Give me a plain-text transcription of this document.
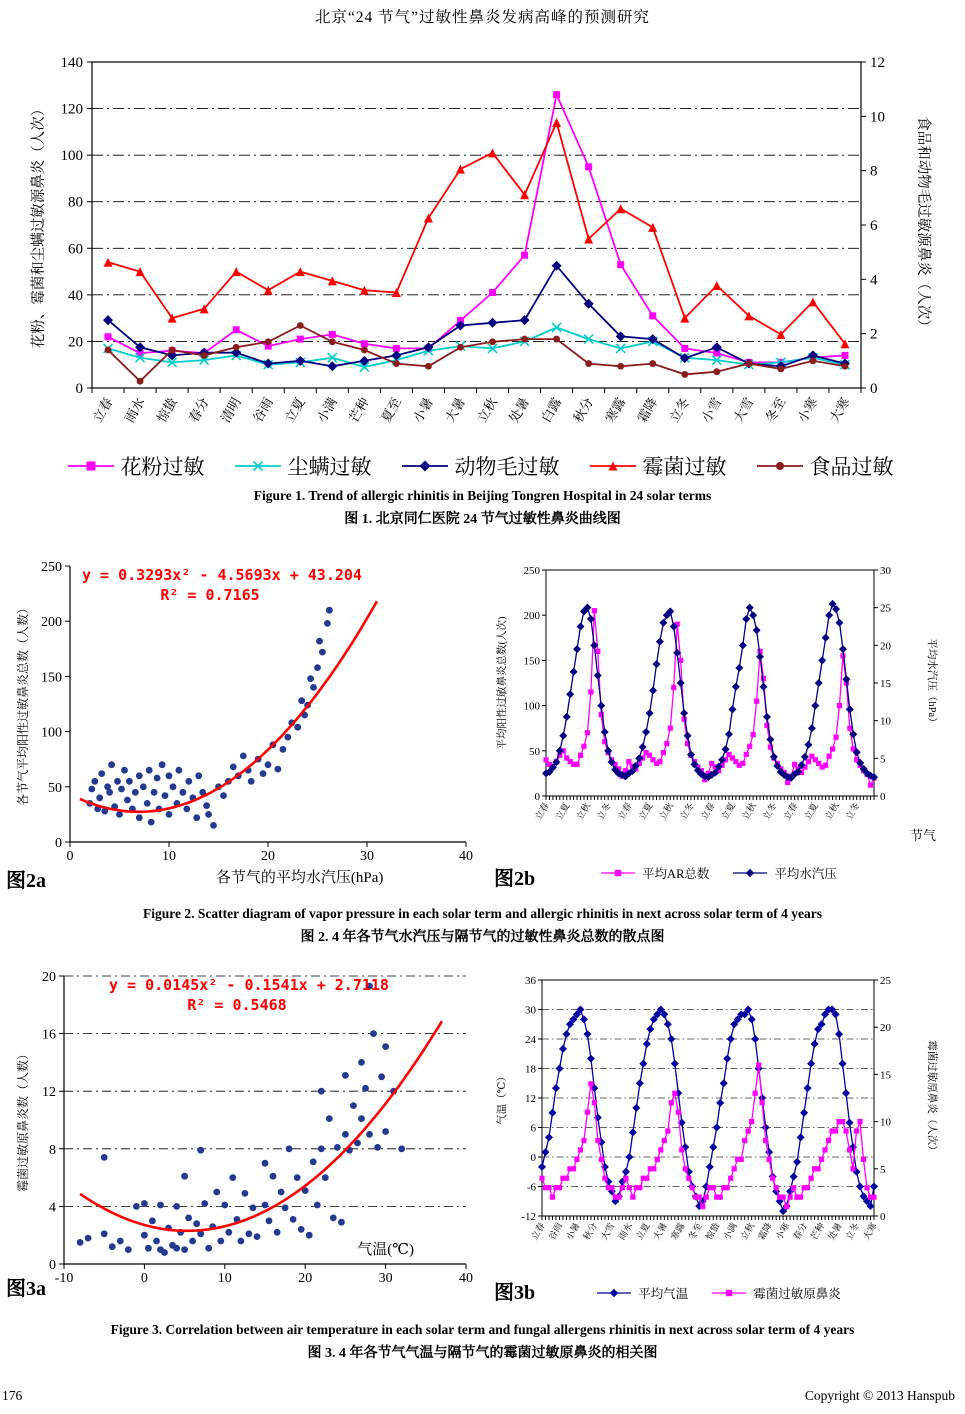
北京“24 节气”过敏性鼻炎发病高峰的预测研究
0
20
40
60
80
100
120
140
0
2
4
6
8
10
12
立春 雨水 惊蛰 春分 清明 谷雨 立夏 小满 芒种 夏至 小暑 大暑 立秋 处暑 白露 秋分 寒露 霜降 立冬 小雪 大雪 冬至 小寒 大寒
花粉、霉菌和尘螨过敏源鼻炎（人次）	食品和动物毛过敏源鼻炎（人次）
花粉过敏	尘螨过敏	动物毛过敏	霉菌过敏	食品过敏
Figure 1. Trend of allergic rhinitis in Beijing Tongren Hospital in 24 solar terms
图 1. 北京同仁医院 24 节气过敏性鼻炎曲线图
0	10	20	30	40
0
50
100
150
200
250 y = 0.3293x² - 4.5693x + 43.204
R² = 0.7165
各节气平均阳性过敏鼻炎总数（人数）
各节气的平均水汽压(hPa)
0
50
100
150
200
250
0
5
10
15
20
25
30
立春 立夏 立秋 立冬 立春 立夏 立秋 立冬 立春 立夏 立秋 立冬 立春 立夏 立秋 立冬
平均阳性过敏鼻炎总数(人次)	平均水汽压（hPa）
节气
平均AR总数	平均水汽压
图2a	图2b
Figure 2. Scatter diagram of vapor pressure in each solar term and allergic rhinitis in next across solar term of 4 years
图 2. 4 年各节气水汽压与隔节气的过敏性鼻炎总数的散点图
-10	0	10	20	30	40
0
4
8
12
16
20	y = 0.0145x² - 0.1541x + 2.7118
R² = 0.5468
霉菌过敏原鼻炎数（人数）
气温(℃)
-12
-6
0
6
12
18
24
30
36
0
5
10
15
20
25
立春 谷雨 小暑 秋分 大雪 雨水 立夏 大暑 寒露 冬至 惊蛰 小满 立秋 霜降 小寒 春分 芒种 处暑 立冬 大寒
气温（℃）	霉菌过敏原鼻炎（人次）
平均气温	霉菌过敏原鼻炎
图3a	图3b
Figure 3. Correlation between air temperature in each solar term and fungal allergens rhinitis in next across solar term of 4 years
图 3. 4 年各节气气温与隔节气的霉菌过敏原鼻炎的相关图
176	Copyright © 2013 Hanspub
